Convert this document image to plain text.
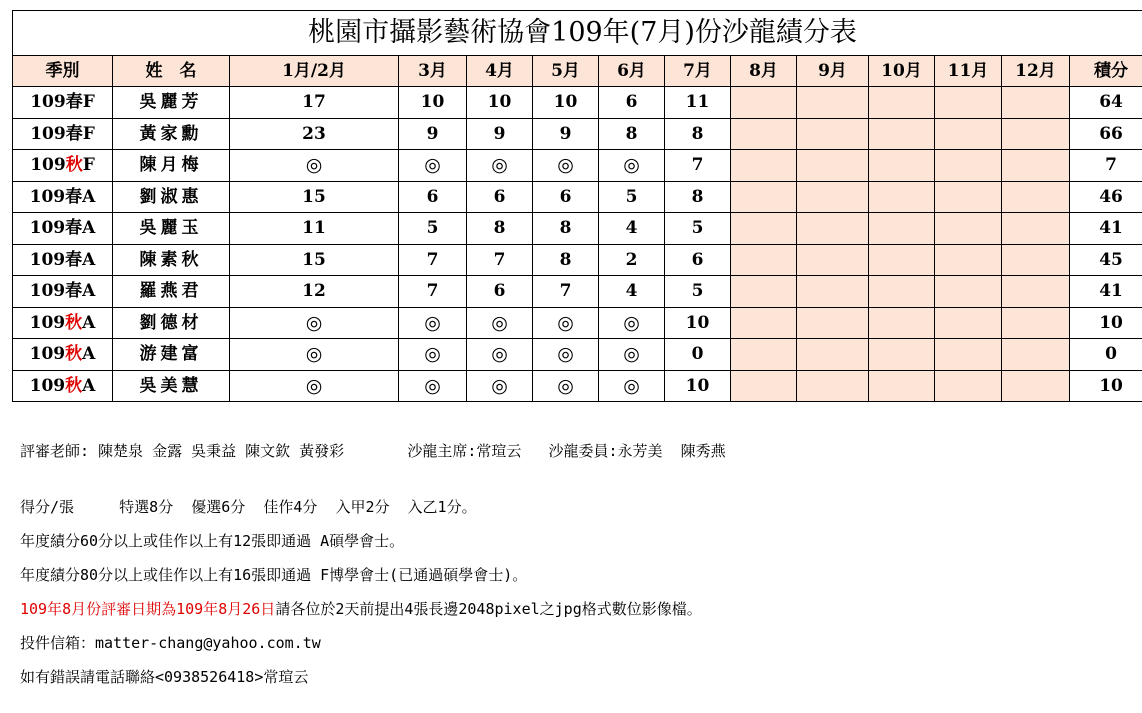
桃園市攝影藝術協會109年(7月)份沙龍績分表													
季別	姓　名	1月/2月	3月	4月	5月	6月	7月	8月	9月	10月	11月	12月	積分
109春F	吳麗芳	17	10	10	10	6	11						64
109春F	黃家勳	23	9	9	9	8	8						66
109秋F	陳月梅	◎	◎	◎	◎	◎	7						7
109春A	劉淑惠	15	6	6	6	5	8						46
109春A	吳麗玉	11	5	8	8	4	5						41
109春A	陳素秋	15	7	7	8	2	6						45
109春A	羅燕君	12	7	6	7	4	5						41
109秋A	劉德材	◎	◎	◎	◎	◎	10						10
109秋A	游建富	◎	◎	◎	◎	◎	0						0
109秋A	吳美慧	◎	◎	◎	◎	◎	10						10
評審老師: 陳楚泉 金露 吳秉益 陳文欽 黃發彩       沙龍主席:常瑄云   沙龍委員:永芳美  陳秀燕
得分/張     特選8分  優選6分  佳作4分  入甲2分  入乙1分。
年度績分60分以上或佳作以上有12張即通過 A碩學會士。
年度績分80分以上或佳作以上有16張即通過 F博學會士(已通過碩學會士)。
109年8月份評審日期為109年8月26日請各位於2天前提出4張長邊2048pixel之jpg格式數位影像檔。
投件信箱：matter-chang@yahoo.com.tw
如有錯誤請電話聯絡<0938526418>常瑄云
